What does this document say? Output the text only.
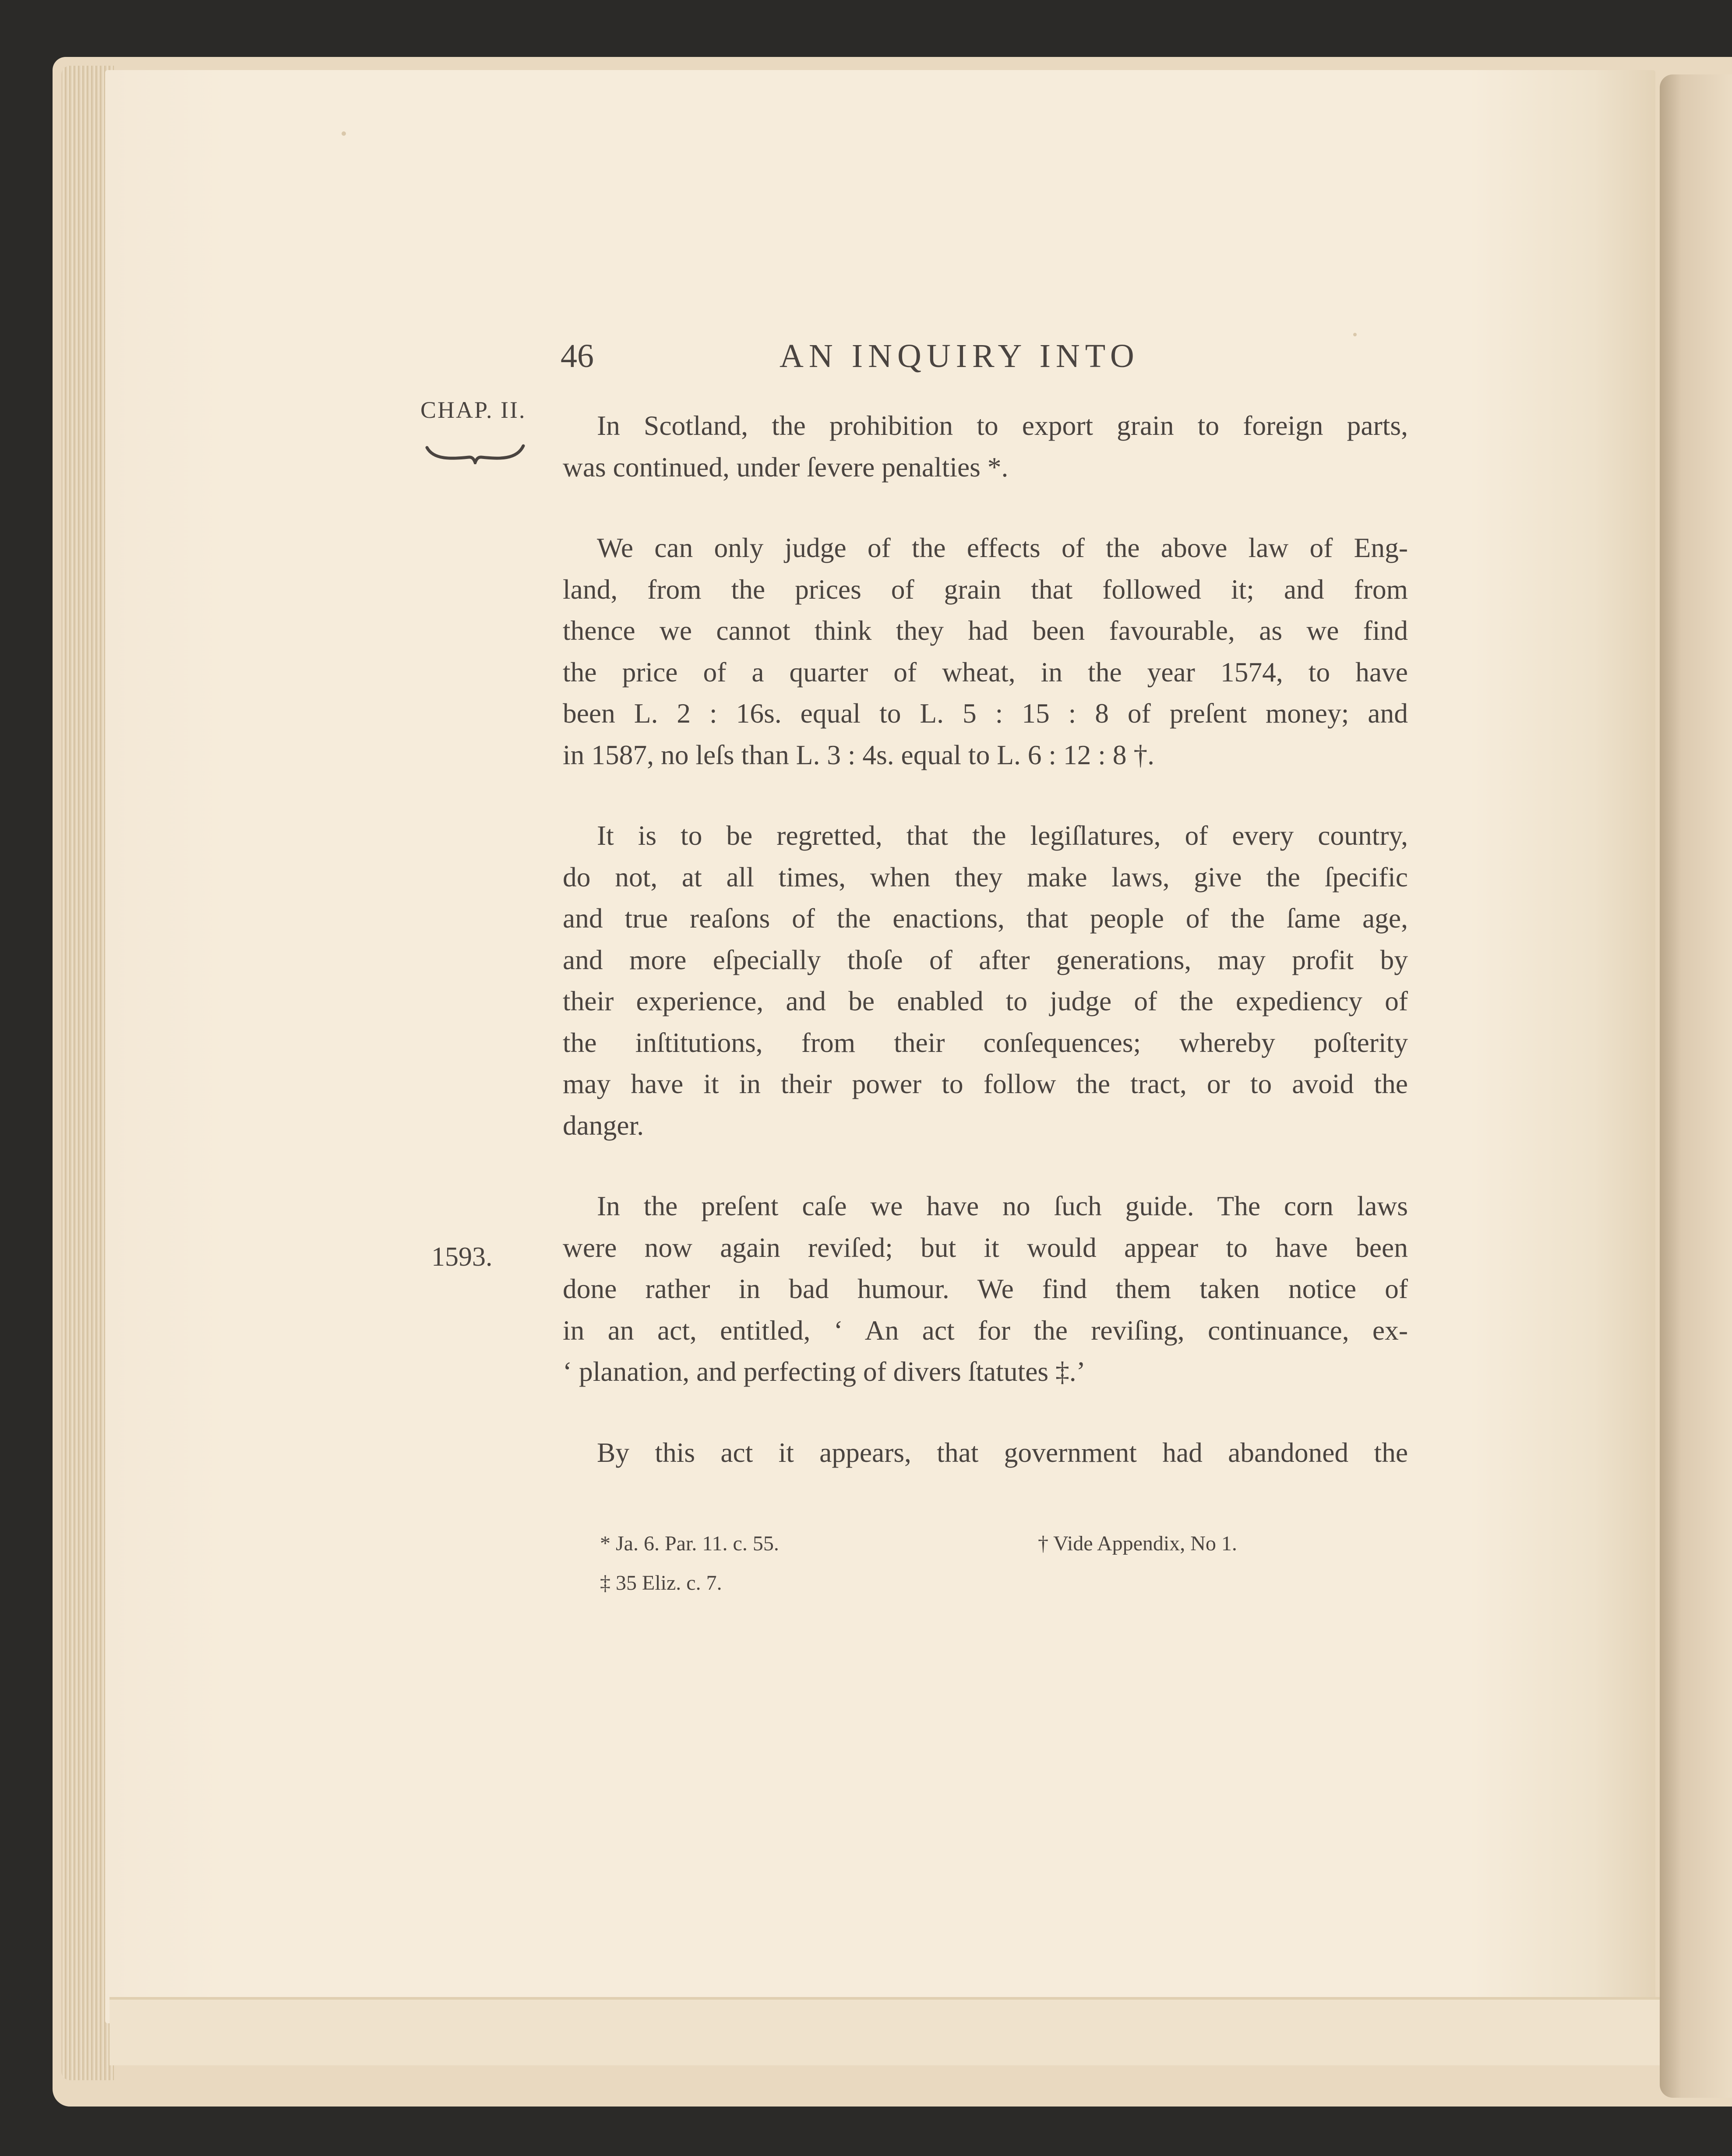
46	AN INQUIRY INTO
CHAP. II.
1593.

In Scotland, the prohibition to export grain to foreign parts,
was continued, under ſevere penalties *.

We can only judge of the effects of the above law of Eng-
land, from the prices of grain that followed it; and from
thence we cannot think they had been favourable, as we find
the price of a quarter of wheat, in the year 1574, to have
been L. 2 : 16s. equal to L. 5 : 15 : 8 of preſent money; and
in 1587, no leſs than L. 3 : 4s. equal to L. 6 : 12 : 8 †.

It is to be regretted, that the legiſlatures, of every country,
do not, at all times, when they make laws, give the ſpecific
and true reaſons of the enactions, that people of the ſame age,
and more eſpecially thoſe of after generations, may profit by
their experience, and be enabled to judge of the expediency of
the inſtitutions, from their conſequences; whereby poſterity
may have it in their power to follow the tract, or to avoid the
danger.

In the preſent caſe we have no ſuch guide. The corn laws
were now again reviſed; but it would appear to have been
done rather in bad humour. We find them taken notice of
in an act, entitled, ‘ An act for the reviſing, continuance, ex-
‘ planation, and perfecting of divers ſtatutes ‡.’

By this act it appears, that government had abandoned the

* Ja. 6. Par. 11. c. 55.	† Vide Appendix, No 1.
‡ 35 Eliz. c. 7.
